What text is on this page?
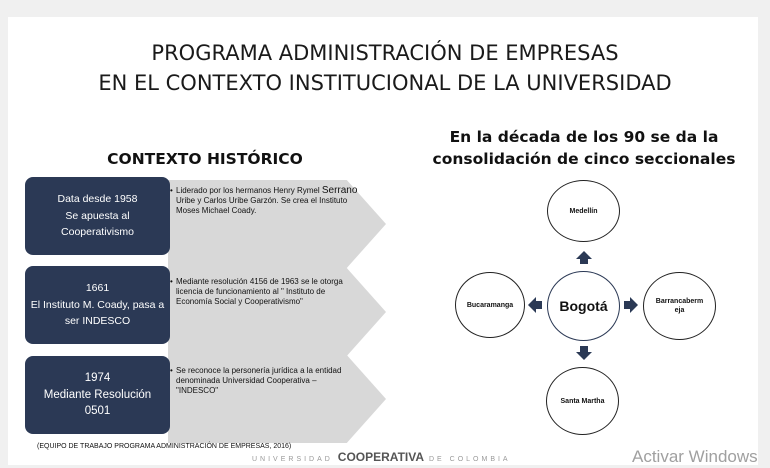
PROGRAMA ADMINISTRACIÓN DE EMPRESAS
EN EL CONTEXTO INSTITUCIONAL DE LA UNIVERSIDAD
CONTEXTO HISTÓRICO
Data desde 1958
Se apuesta al Cooperativismo
• Liderado por los hermanos Henry Rymel Serrano Uribe y Carlos Uribe Garzón. Se crea el Instituto Moses Michael Coady.
1661
El Instituto M. Coady, pasa a ser INDESCO
• Mediante resolución 4156 de 1963 se le otorga licencia de funcionamiento al " Instituto de Economía Social y Cooperativismo"
1974
Mediante Resolución
0501
• Se reconoce la personería jurídica a la entidad denominada Universidad Cooperativa – "INDESCO"
En la década de los 90 se da la
consolidación de cinco seccionales
Medellín
Bogotá
Bucaramanga	Barrancabermeja
Santa Martha
(EQUIPO DE TRABAJO PROGRAMA ADMINISTRACIÓN DE EMPRESAS, 2016)
UNIVERSIDAD COOPERATIVA DE COLOMBIA	Activar Windows
